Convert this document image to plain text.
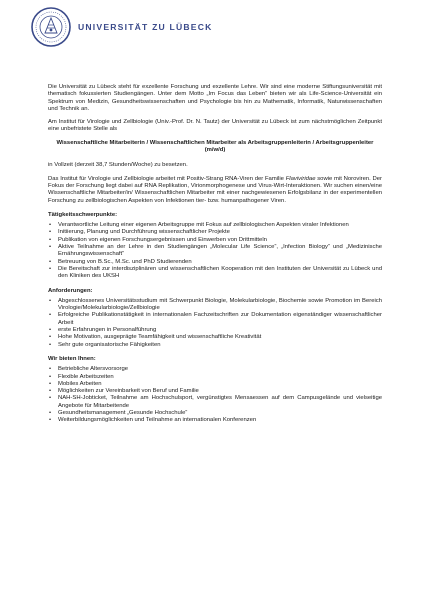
UNIVERSITÄT ZU LÜBECK

Die Universität zu Lübeck steht für exzellente Forschung und exzellente Lehre. Wir sind eine moderne Stiftungsuniversität mit thematisch fokussierten Studiengängen. Unter dem Motto „Im Focus das Leben“ bieten wir als Life-Science-Universität ein Spektrum von Medizin, Gesundheitswissenschaften und Psychologie bis hin zu Mathematik, Informatik, Naturwissenschaften und Technik an.

Am Institut für Virologie und Zellbiologie (Univ.-Prof. Dr. N. Tautz) der Universität zu Lübeck ist zum nächstmöglichen Zeitpunkt eine unbefristete Stelle als

Wissenschaftliche Mitarbeiterin / Wissenschaftlichen Mitarbeiter als Arbeitsgruppenleiterin / Arbeitsgruppenleiter (m/w/d)

in Vollzeit (derzeit 38,7 Stunden/Woche) zu besetzen.

Das Institut für Virologie und Zellbiologie arbeitet mit Positiv-Strang RNA-Viren der Familie Flaviviridae sowie mit Noroviren. Der Fokus der Forschung liegt dabei auf RNA Replikation, Virionmorphogenese und Virus-Wirt-Interaktionen. Wir suchen einen/eine Wissenschaftliche Mitarbeiter/in/ Wissenschaftlichen Mitarbeiter mit einer nachgewiesenen Erfolgsbilanz in der experimentellen Forschung zu zellbiologischen Aspekten von Infektionen tier- bzw. humanpathogener Viren.

Tätigkeitsschwerpunkte:
• Verantwortliche Leitung einer eigenen Arbeitsgruppe mit Fokus auf zellbiologischen Aspekten viraler Infektionen
• Initiierung, Planung und Durchführung wissenschaftlicher Projekte
• Publikation von eigenen Forschungsergebnissen und Einwerben von Drittmitteln
• Aktive Teilnahme an der Lehre in den Studiengängen „Molecular Life Science“, „Infection Biology“ und „Medizinische Ernährungswissenschaft“
• Betreuung von B.Sc., M.Sc. und PhD Studierenden
• Die Bereitschaft zur interdisziplinären und wissenschaftlichen Kooperation mit den Instituten der Universität zu Lübeck und den Kliniken des UKSH
Anforderungen:
• Abgeschlossenes Universitätsstudium mit Schwerpunkt Biologie, Molekularbiologie, Biochemie sowie Promotion im Bereich Virologie/Molekularbiologie/Zellbiologie
• Erfolgreiche Publikationstätigkeit in internationalen Fachzeitschriften zur Dokumentation eigenständiger wissenschaftlicher Arbeit
• erste Erfahrungen in Personalführung
• Hohe Motivation, ausgeprägte Teamfähigkeit und wissenschaftliche Kreativität
• Sehr gute organisatorische Fähigkeiten
Wir bieten Ihnen:
• Betriebliche Altersvorsorge
• Flexible Arbeitszeiten
• Mobiles Arbeiten
• Möglichkeiten zur Vereinbarkeit von Beruf und Familie
• NAH-SH-Jobticket, Teilnahme am Hochschulsport, vergünstigtes Mensaessen auf dem Campusgelände und vielseitige Angebote für Mitarbeitende
• Gesundheitsmanagement „Gesunde Hochschule“
• Weiterbildungsmöglichkeiten und Teilnahme an internationalen Konferenzen
